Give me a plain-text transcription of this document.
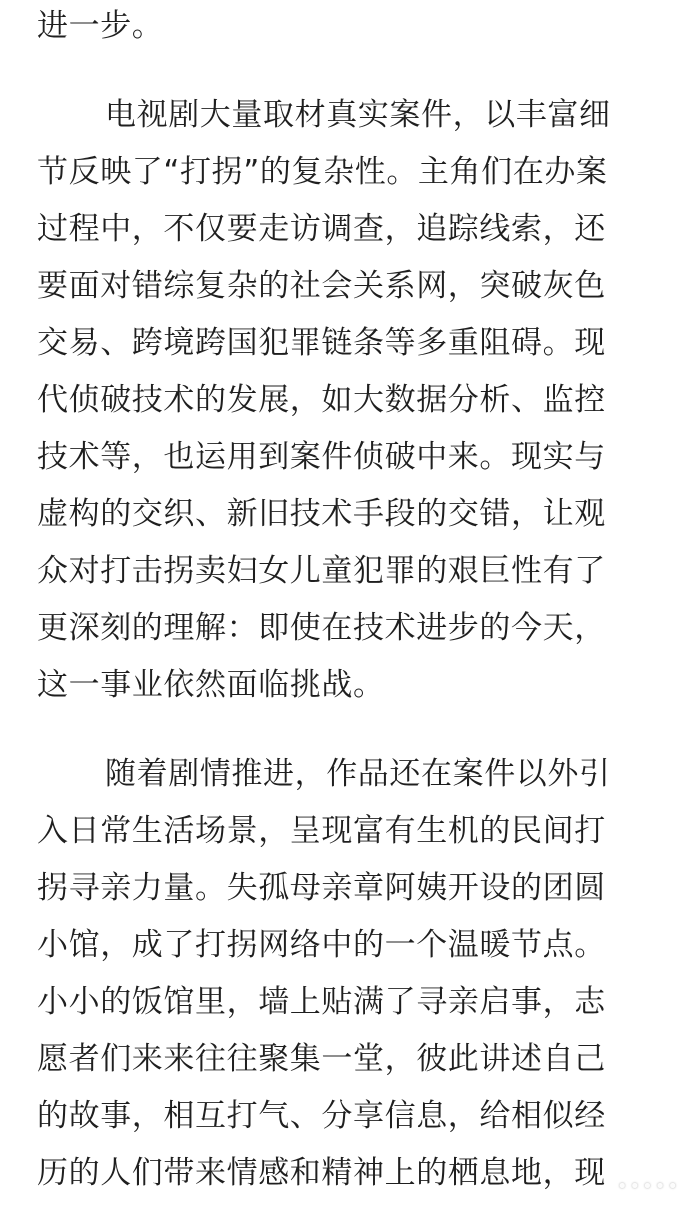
进一步。
电视剧大量取材真实案件，以丰富细
节反映了“打拐”的复杂性。主角们在办案
过程中，不仅要走访调查，追踪线索，还
要面对错综复杂的社会关系网，突破灰色
交易、跨境跨国犯罪链条等多重阻碍。现
代侦破技术的发展，如大数据分析、监控
技术等，也运用到案件侦破中来。现实与
虚构的交织、新旧技术手段的交错，让观
众对打击拐卖妇女儿童犯罪的艰巨性有了
更深刻的理解：即使在技术进步的今天，
这一事业依然面临挑战。
随着剧情推进，作品还在案件以外引
入日常生活场景，呈现富有生机的民间打
拐寻亲力量。失孤母亲章阿姨开设的团圆
小馆，成了打拐网络中的一个温暖节点。
小小的饭馆里，墙上贴满了寻亲启事，志
愿者们来来往往聚集一堂，彼此讲述自己
的故事，相互打气、分享信息，给相似经
历的人们带来情感和精神上的栖息地，现 •••••
